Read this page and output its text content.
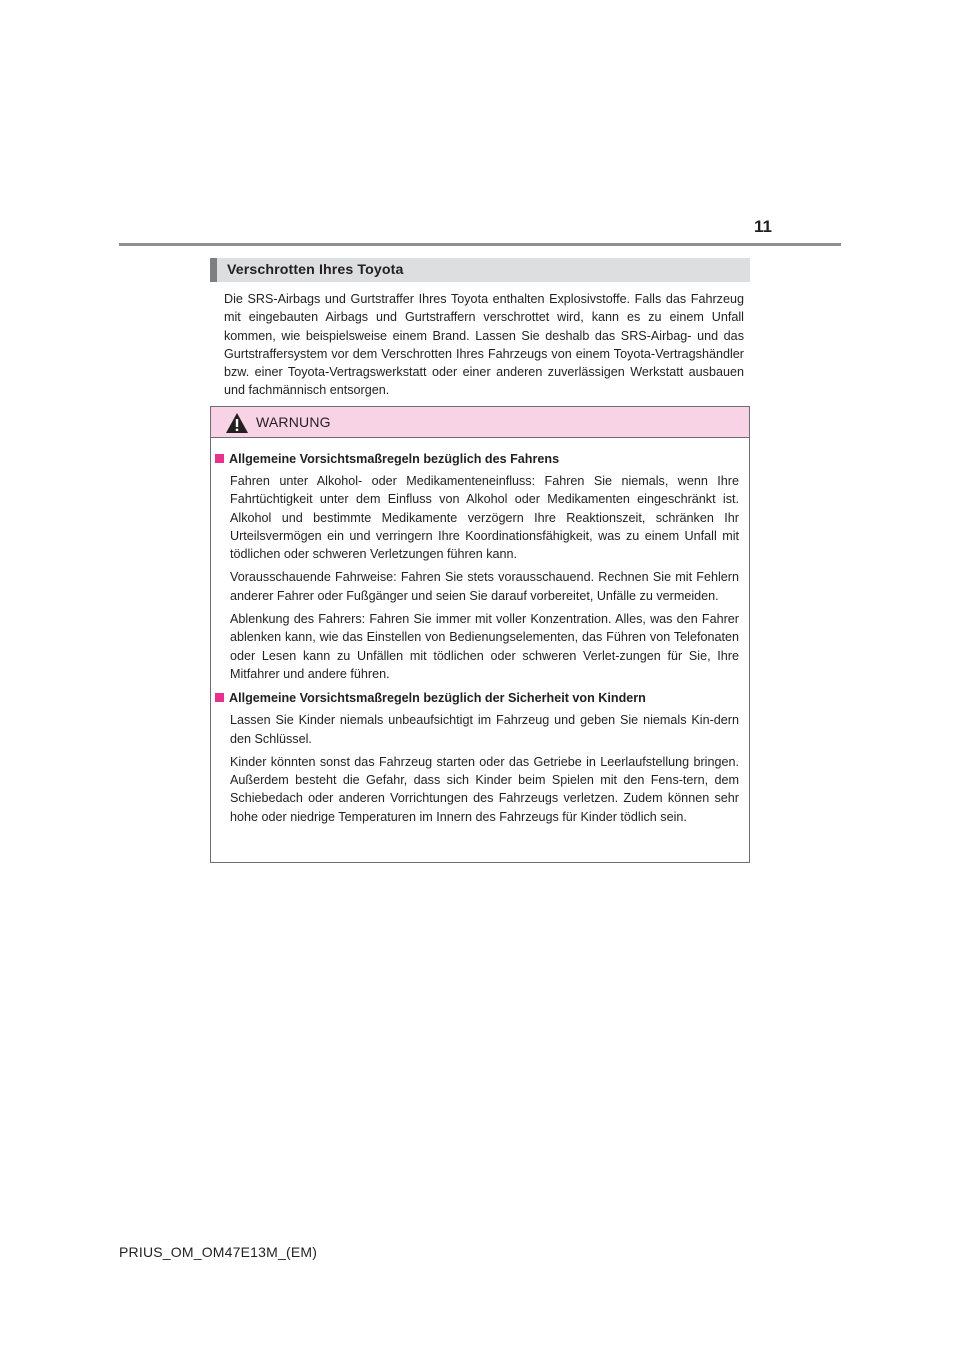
11
Verschrotten Ihres Toyota

Die SRS-Airbags und Gurtstraffer Ihres Toyota enthalten Explosivstoffe. Falls das Fahrzeug mit eingebauten Airbags und Gurtstraffern verschrottet wird, kann es zu einem Unfall kommen, wie beispielsweise einem Brand. Lassen Sie deshalb das SRS-Airbag- und das Gurtstraffersystem vor dem Verschrotten Ihres Fahrzeugs von einem Toyota-Vertragshändler bzw. einer Toyota-Vertragswerkstatt oder einer anderen zuverlässigen Werkstatt ausbauen und fachmännisch entsorgen.

WARNUNG
Allgemeine Vorsichtsmaßregeln bezüglich des Fahrens

Fahren unter Alkohol- oder Medikamenteneinfluss: Fahren Sie niemals, wenn Ihre Fahrtüchtigkeit unter dem Einfluss von Alkohol oder Medikamenten eingeschränkt ist. Alkohol und bestimmte Medikamente verzögern Ihre Reaktionszeit, schränken Ihr Urteilsvermögen ein und verringern Ihre Koordinationsfähigkeit, was zu einem Unfall mit tödlichen oder schweren Verletzungen führen kann.

Vorausschauende Fahrweise: Fahren Sie stets vorausschauend. Rechnen Sie mit Fehlern anderer Fahrer oder Fußgänger und seien Sie darauf vorbereitet, Unfälle zu vermeiden.

Ablenkung des Fahrers: Fahren Sie immer mit voller Konzentration. Alles, was den Fahrer ablenken kann, wie das Einstellen von Bedienungselementen, das Führen von Telefonaten oder Lesen kann zu Unfällen mit tödlichen oder schweren Verlet-zungen für Sie, Ihre Mitfahrer und andere führen.

Allgemeine Vorsichtsmaßregeln bezüglich der Sicherheit von Kindern

Lassen Sie Kinder niemals unbeaufsichtigt im Fahrzeug und geben Sie niemals Kin-dern den Schlüssel.

Kinder könnten sonst das Fahrzeug starten oder das Getriebe in Leerlaufstellung bringen. Außerdem besteht die Gefahr, dass sich Kinder beim Spielen mit den Fens-tern, dem Schiebedach oder anderen Vorrichtungen des Fahrzeugs verletzen. Zudem können sehr hohe oder niedrige Temperaturen im Innern des Fahrzeugs für Kinder tödlich sein.

PRIUS_OM_OM47E13M_(EM)
